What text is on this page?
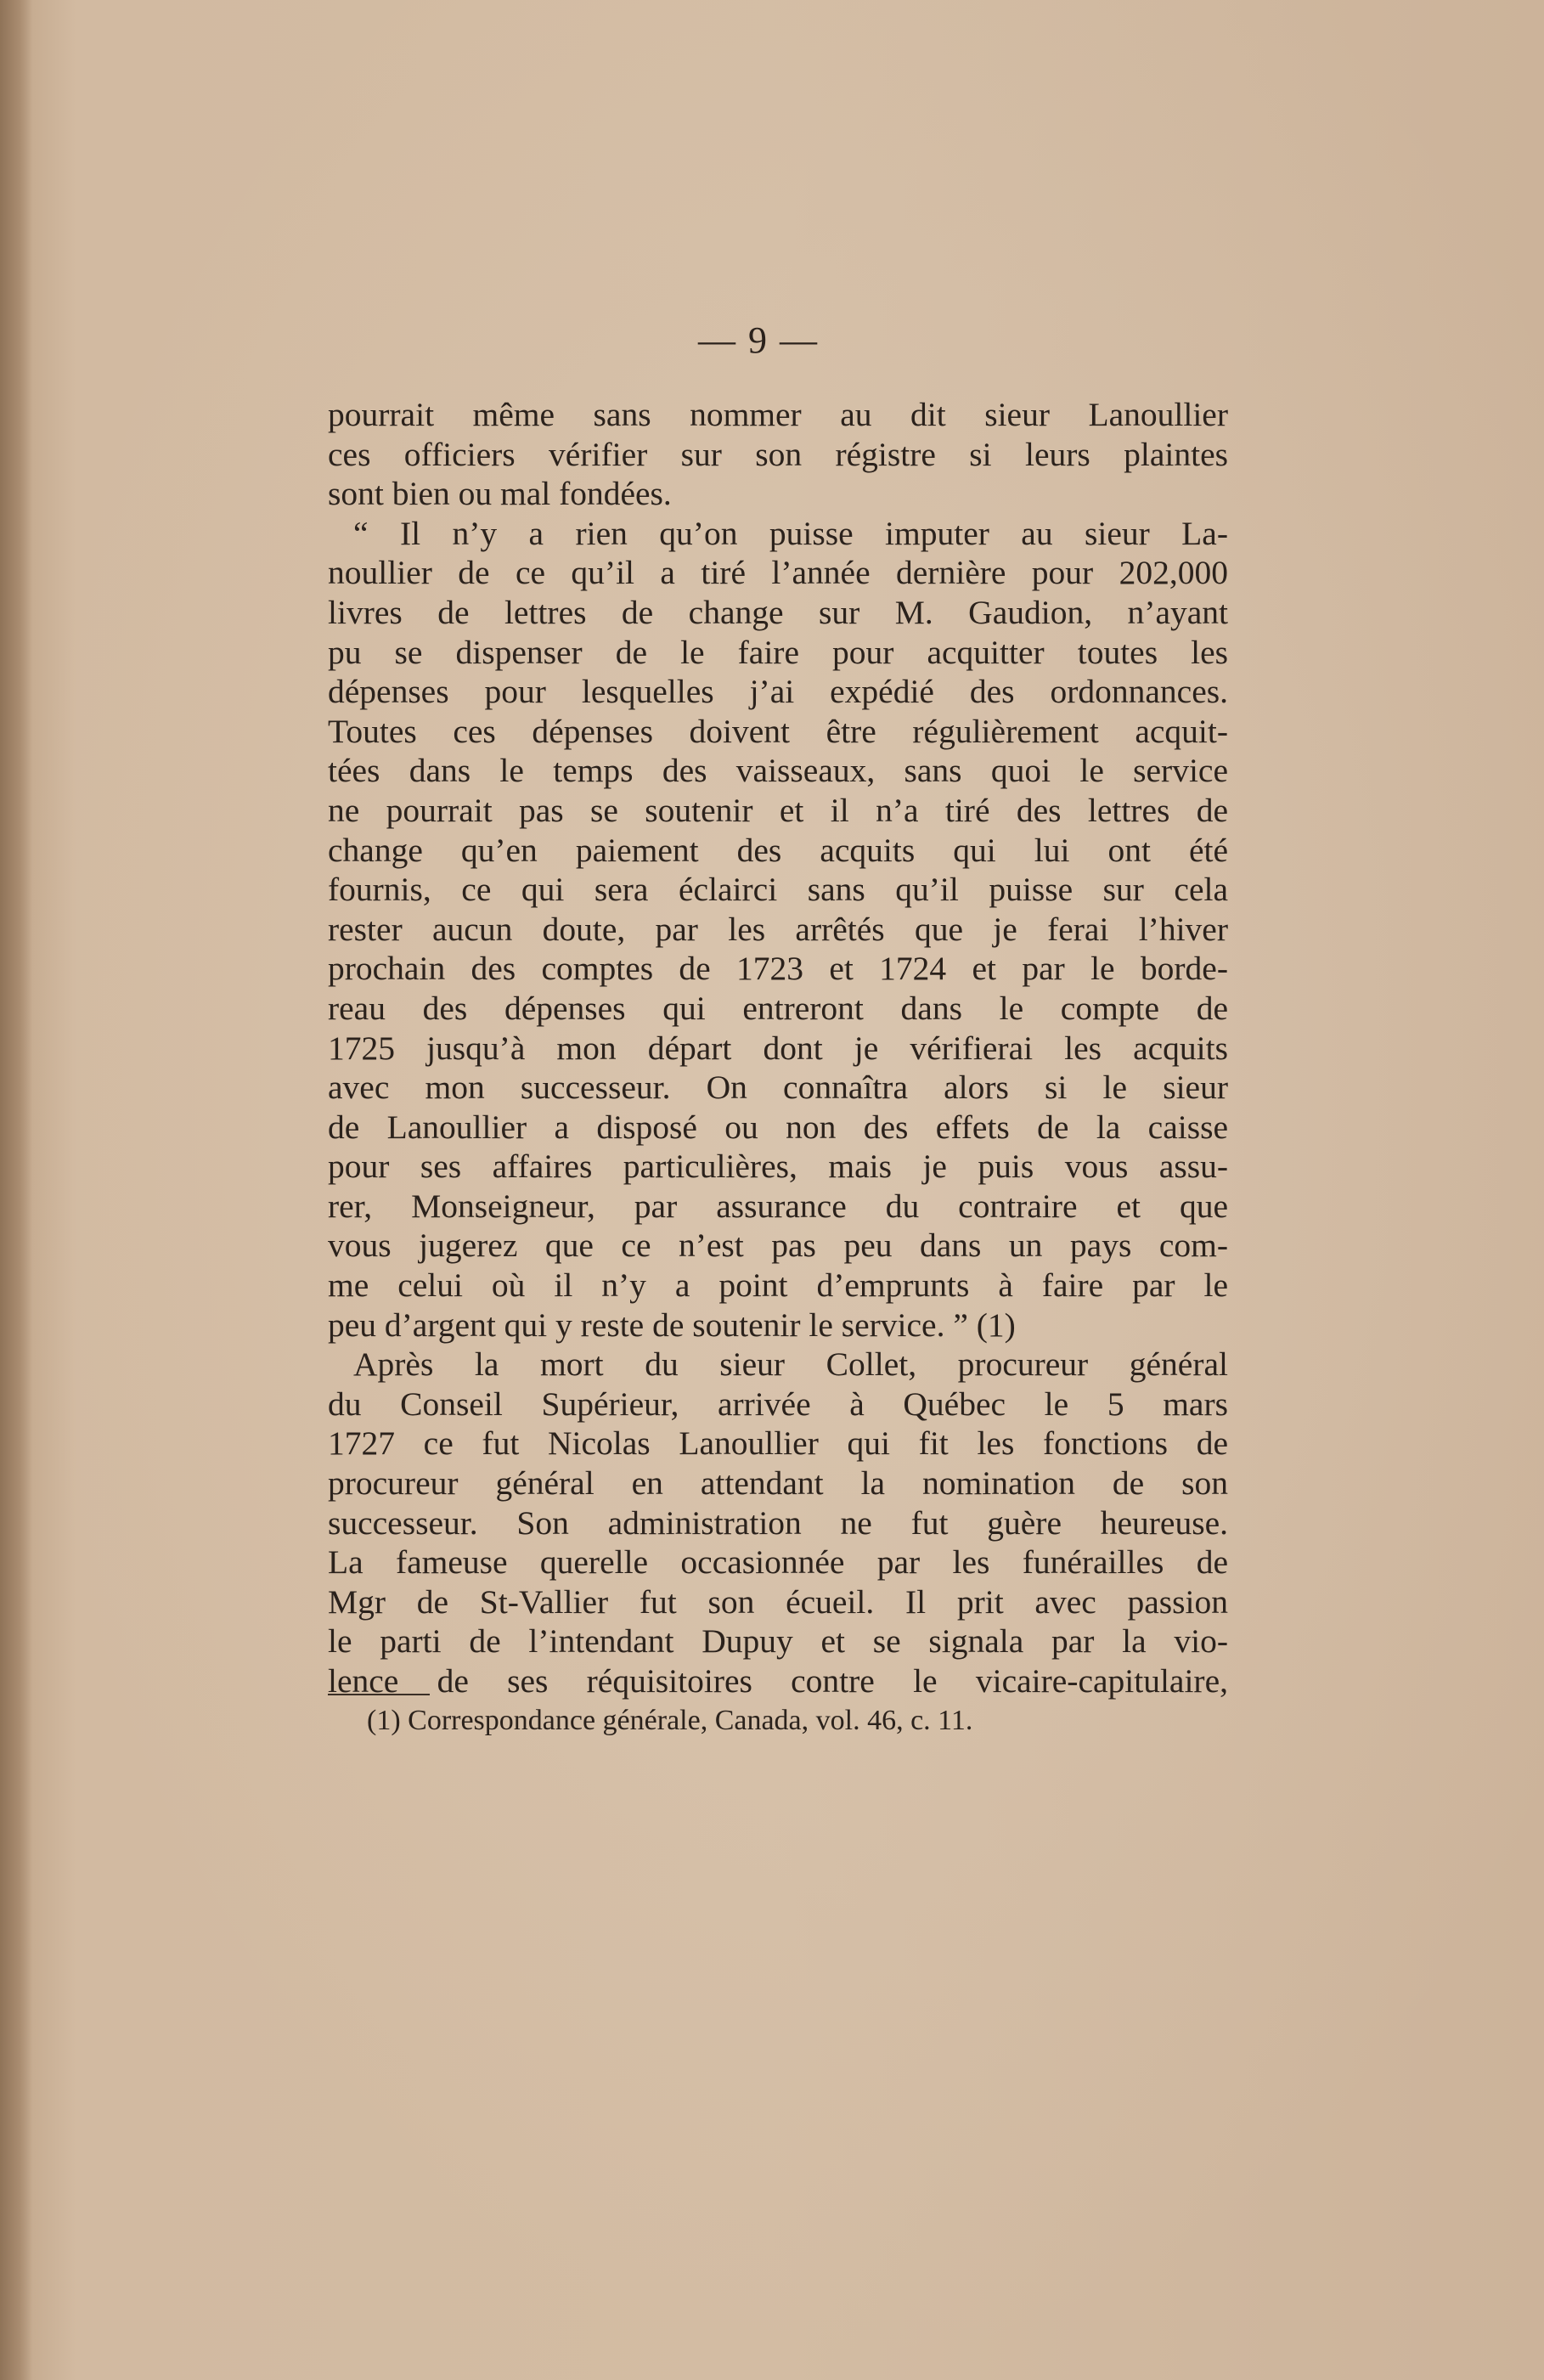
— 9 —
pourrait même sans nommer au dit sieur Lanoullier
ces officiers vérifier sur son régistre si leurs plaintes
sont bien ou mal fondées.
“ Il n’y a rien qu’on puisse imputer au sieur La-
noullier de ce qu’il a tiré l’année dernière pour 202,000
livres de lettres de change sur M. Gaudion, n’ayant
pu se dispenser de le faire pour acquitter toutes les
dépenses pour lesquelles j’ai expédié des ordonnances.
Toutes ces dépenses doivent être régulièrement acquit-
tées dans le temps des vaisseaux, sans quoi le service
ne pourrait pas se soutenir et il n’a tiré des lettres de
change qu’en paiement des acquits qui lui ont été
fournis, ce qui sera éclairci sans qu’il puisse sur cela
rester aucun doute, par les arrêtés que je ferai l’hiver
prochain des comptes de 1723 et 1724 et par le borde-
reau des dépenses qui entreront dans le compte de
1725 jusqu’à mon départ dont je vérifierai les acquits
avec mon successeur. On connaîtra alors si le sieur
de Lanoullier a disposé ou non des effets de la caisse
pour ses affaires particulières, mais je puis vous assu-
rer, Monseigneur, par assurance du contraire et que
vous jugerez que ce n’est pas peu dans un pays com-
me celui où il n’y a point d’emprunts à faire par le
peu d’argent qui y reste de soutenir le service. ” (1)
Après la mort du sieur Collet, procureur général
du Conseil Supérieur, arrivée à Québec le 5 mars
1727 ce fut Nicolas Lanoullier qui fit les fonctions de
procureur général en attendant la nomination de son
successeur. Son administration ne fut guère heureuse.
La fameuse querelle occasionnée par les funérailles de
Mgr de St-Vallier fut son écueil. Il prit avec passion
le parti de l’intendant Dupuy et se signala par la vio-
lence de ses réquisitoires contre le vicaire-capitulaire,
(1) Correspondance générale, Canada, vol. 46, c. 11.
